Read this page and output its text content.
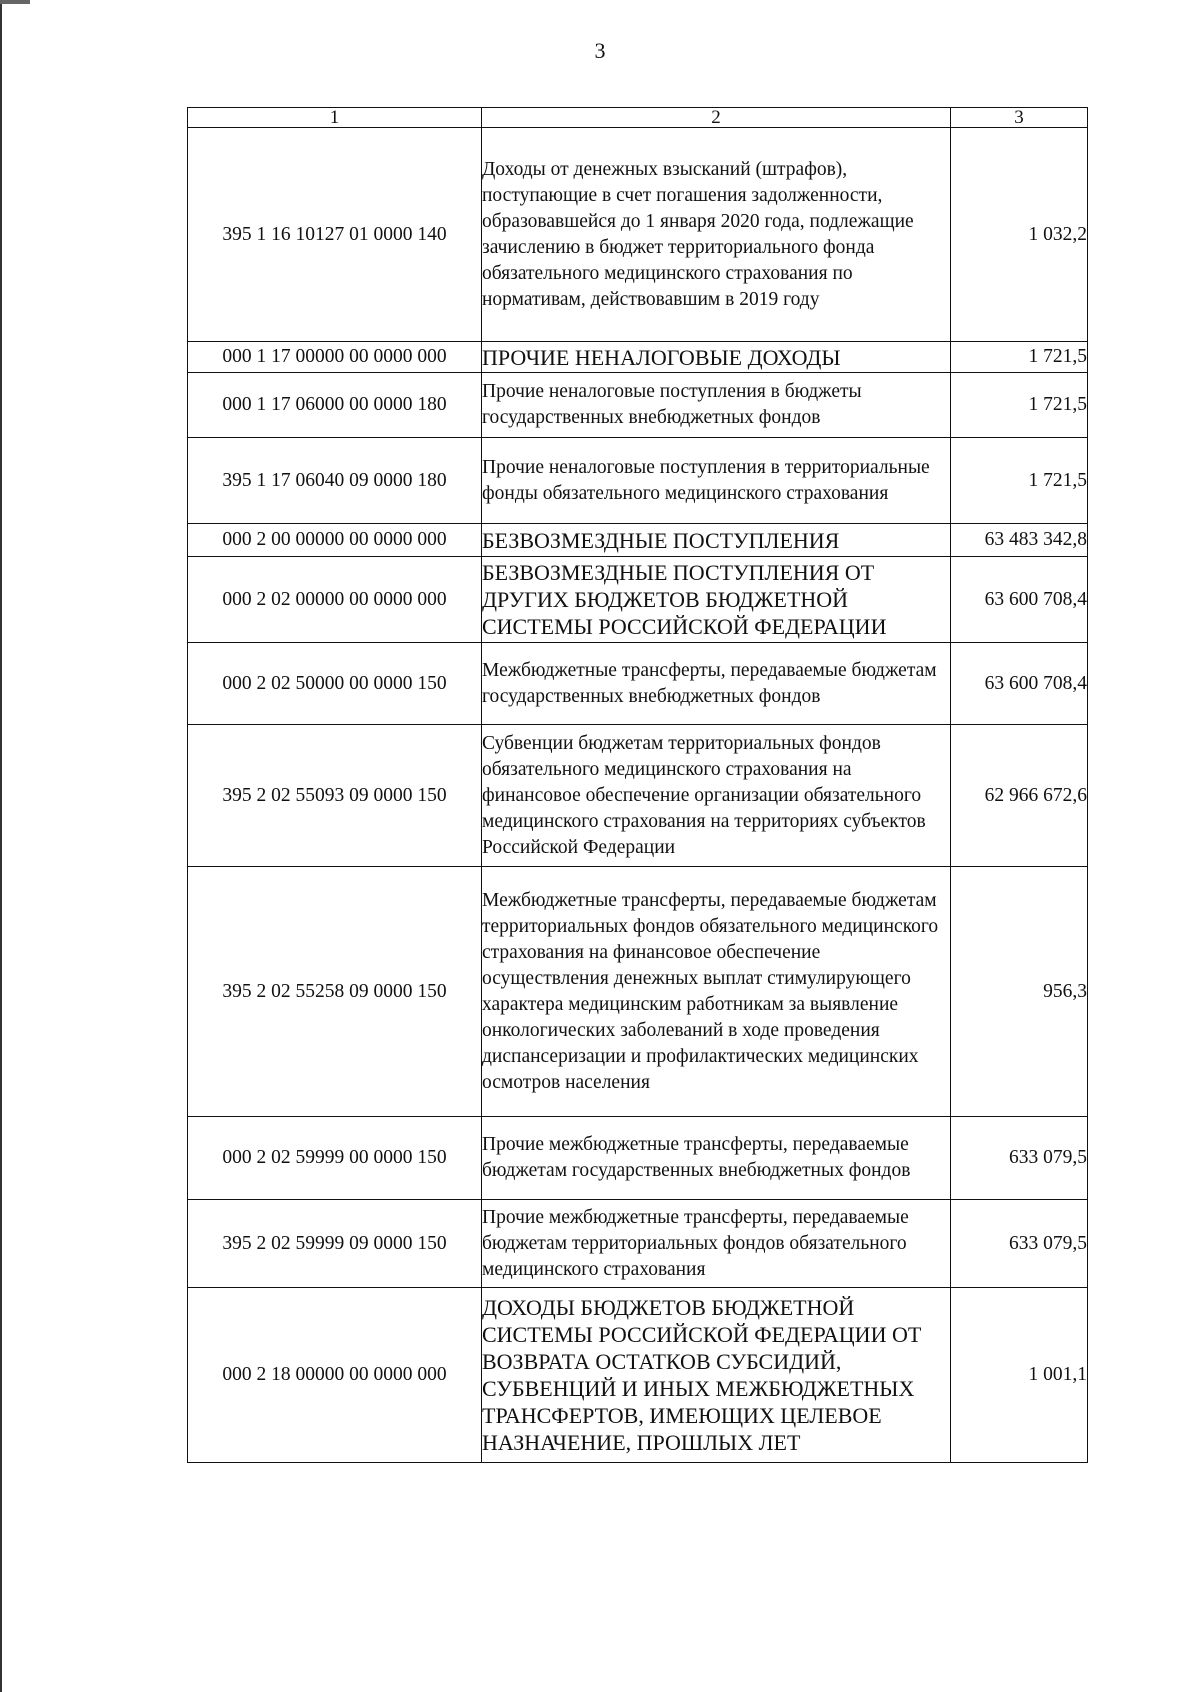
3
1	2	3
395 1 16 10127 01 0000 140	Доходы от денежных взысканий (штрафов), поступающие в счет погашения задолженности, образовавшейся до 1 января 2020 года, подлежащие зачислению в бюджет территориального фонда обязательного медицинского страхования по нормативам, действовавшим в 2019 году	1 032,2
000 1 17 00000 00 0000 000	ПРОЧИЕ НЕНАЛОГОВЫЕ ДОХОДЫ	1 721,5
000 1 17 06000 00 0000 180	Прочие неналоговые поступления в бюджеты государственных внебюджетных фондов	1 721,5
395 1 17 06040 09 0000 180	Прочие неналоговые поступления в территориальные фонды обязательного медицинского страхования	1 721,5
000 2 00 00000 00 0000 000	БЕЗВОЗМЕЗДНЫЕ ПОСТУПЛЕНИЯ	63 483 342,8
000 2 02 00000 00 0000 000	БЕЗВОЗМЕЗДНЫЕ ПОСТУПЛЕНИЯ ОТ ДРУГИХ БЮДЖЕТОВ БЮДЖЕТНОЙ СИСТЕМЫ РОССИЙСКОЙ ФЕДЕРАЦИИ	63 600 708,4
000 2 02 50000 00 0000 150	Межбюджетные трансферты, передаваемые бюджетам государственных внебюджетных фондов	63 600 708,4
395 2 02 55093 09 0000 150	Субвенции бюджетам территориальных фондов обязательного медицинского страхования на финансовое обеспечение организации обязательного медицинского страхования на территориях субъектов Российской Федерации	62 966 672,6
395 2 02 55258 09 0000 150	Межбюджетные трансферты, передаваемые бюджетам территориальных фондов обязательного медицинского страхования на финансовое обеспечение осуществления денежных выплат стимулирующего характера медицинским работникам за выявление онкологических заболеваний в ходе проведения диспансеризации и профилактических медицинских осмотров населения	956,3
000 2 02 59999 00 0000 150	Прочие межбюджетные трансферты, передаваемые бюджетам государственных внебюджетных фондов	633 079,5
395 2 02 59999 09 0000 150	Прочие межбюджетные трансферты, передаваемые бюджетам территориальных фондов обязательного медицинского страхования	633 079,5
000 2 18 00000 00 0000 000	ДОХОДЫ БЮДЖЕТОВ БЮДЖЕТНОЙ СИСТЕМЫ РОССИЙСКОЙ ФЕДЕРАЦИИ ОТ ВОЗВРАТА ОСТАТКОВ СУБСИДИЙ, СУБВЕНЦИЙ И ИНЫХ МЕЖБЮДЖЕТНЫХ ТРАНСФЕРТОВ, ИМЕЮЩИХ ЦЕЛЕВОЕ НАЗНАЧЕНИЕ, ПРОШЛЫХ ЛЕТ	1 001,1
